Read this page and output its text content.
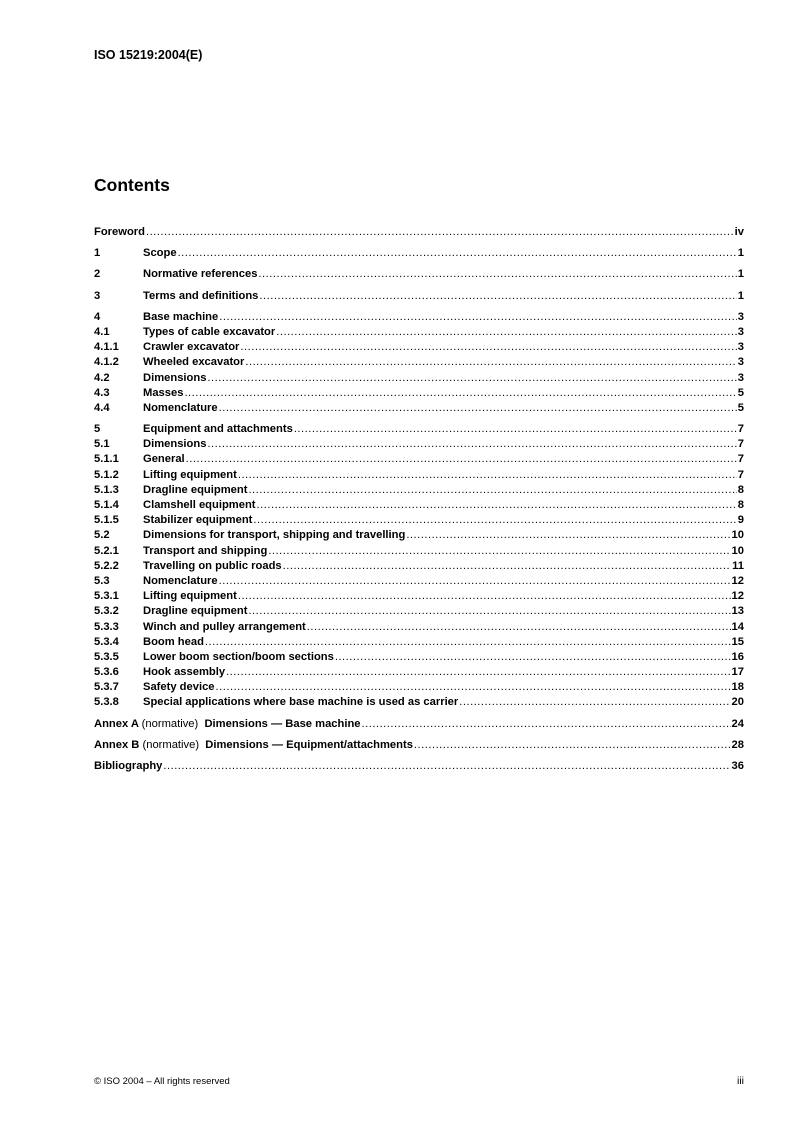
ISO 15219:2004(E)
Contents
Foreword .....	iv
1	Scope .....	1
2	Normative references .....	1
3	Terms and definitions .....	1
4	Base machine .....	3
4.1	Types of cable excavator .....	3
4.1.1	Crawler excavator .....	3
4.1.2	Wheeled excavator .....	3
4.2	Dimensions .....	3
4.3	Masses .....	5
4.4	Nomenclature .....	5
5	Equipment and attachments .....	7
5.1	Dimensions .....	7
5.1.1	General .....	7
5.1.2	Lifting equipment .....	7
5.1.3	Dragline equipment .....	8
5.1.4	Clamshell equipment .....	8
5.1.5	Stabilizer equipment .....	9
5.2	Dimensions for transport, shipping and travelling .....	10
5.2.1	Transport and shipping .....	10
5.2.2	Travelling on public roads .....	11
5.3	Nomenclature .....	12
5.3.1	Lifting equipment .....	12
5.3.2	Dragline equipment .....	13
5.3.3	Winch and pulley arrangement .....	14
5.3.4	Boom head .....	15
5.3.5	Lower boom section/boom sections .....	16
5.3.6	Hook assembly .....	17
5.3.7	Safety device .....	18
5.3.8	Special applications where base machine is used as carrier .....	20
Annex A (normative) Dimensions — Base machine .....	24
Annex B (normative) Dimensions — Equipment/attachments .....	28
Bibliography .....	36
© ISO 2004 – All rights reserved	iii
